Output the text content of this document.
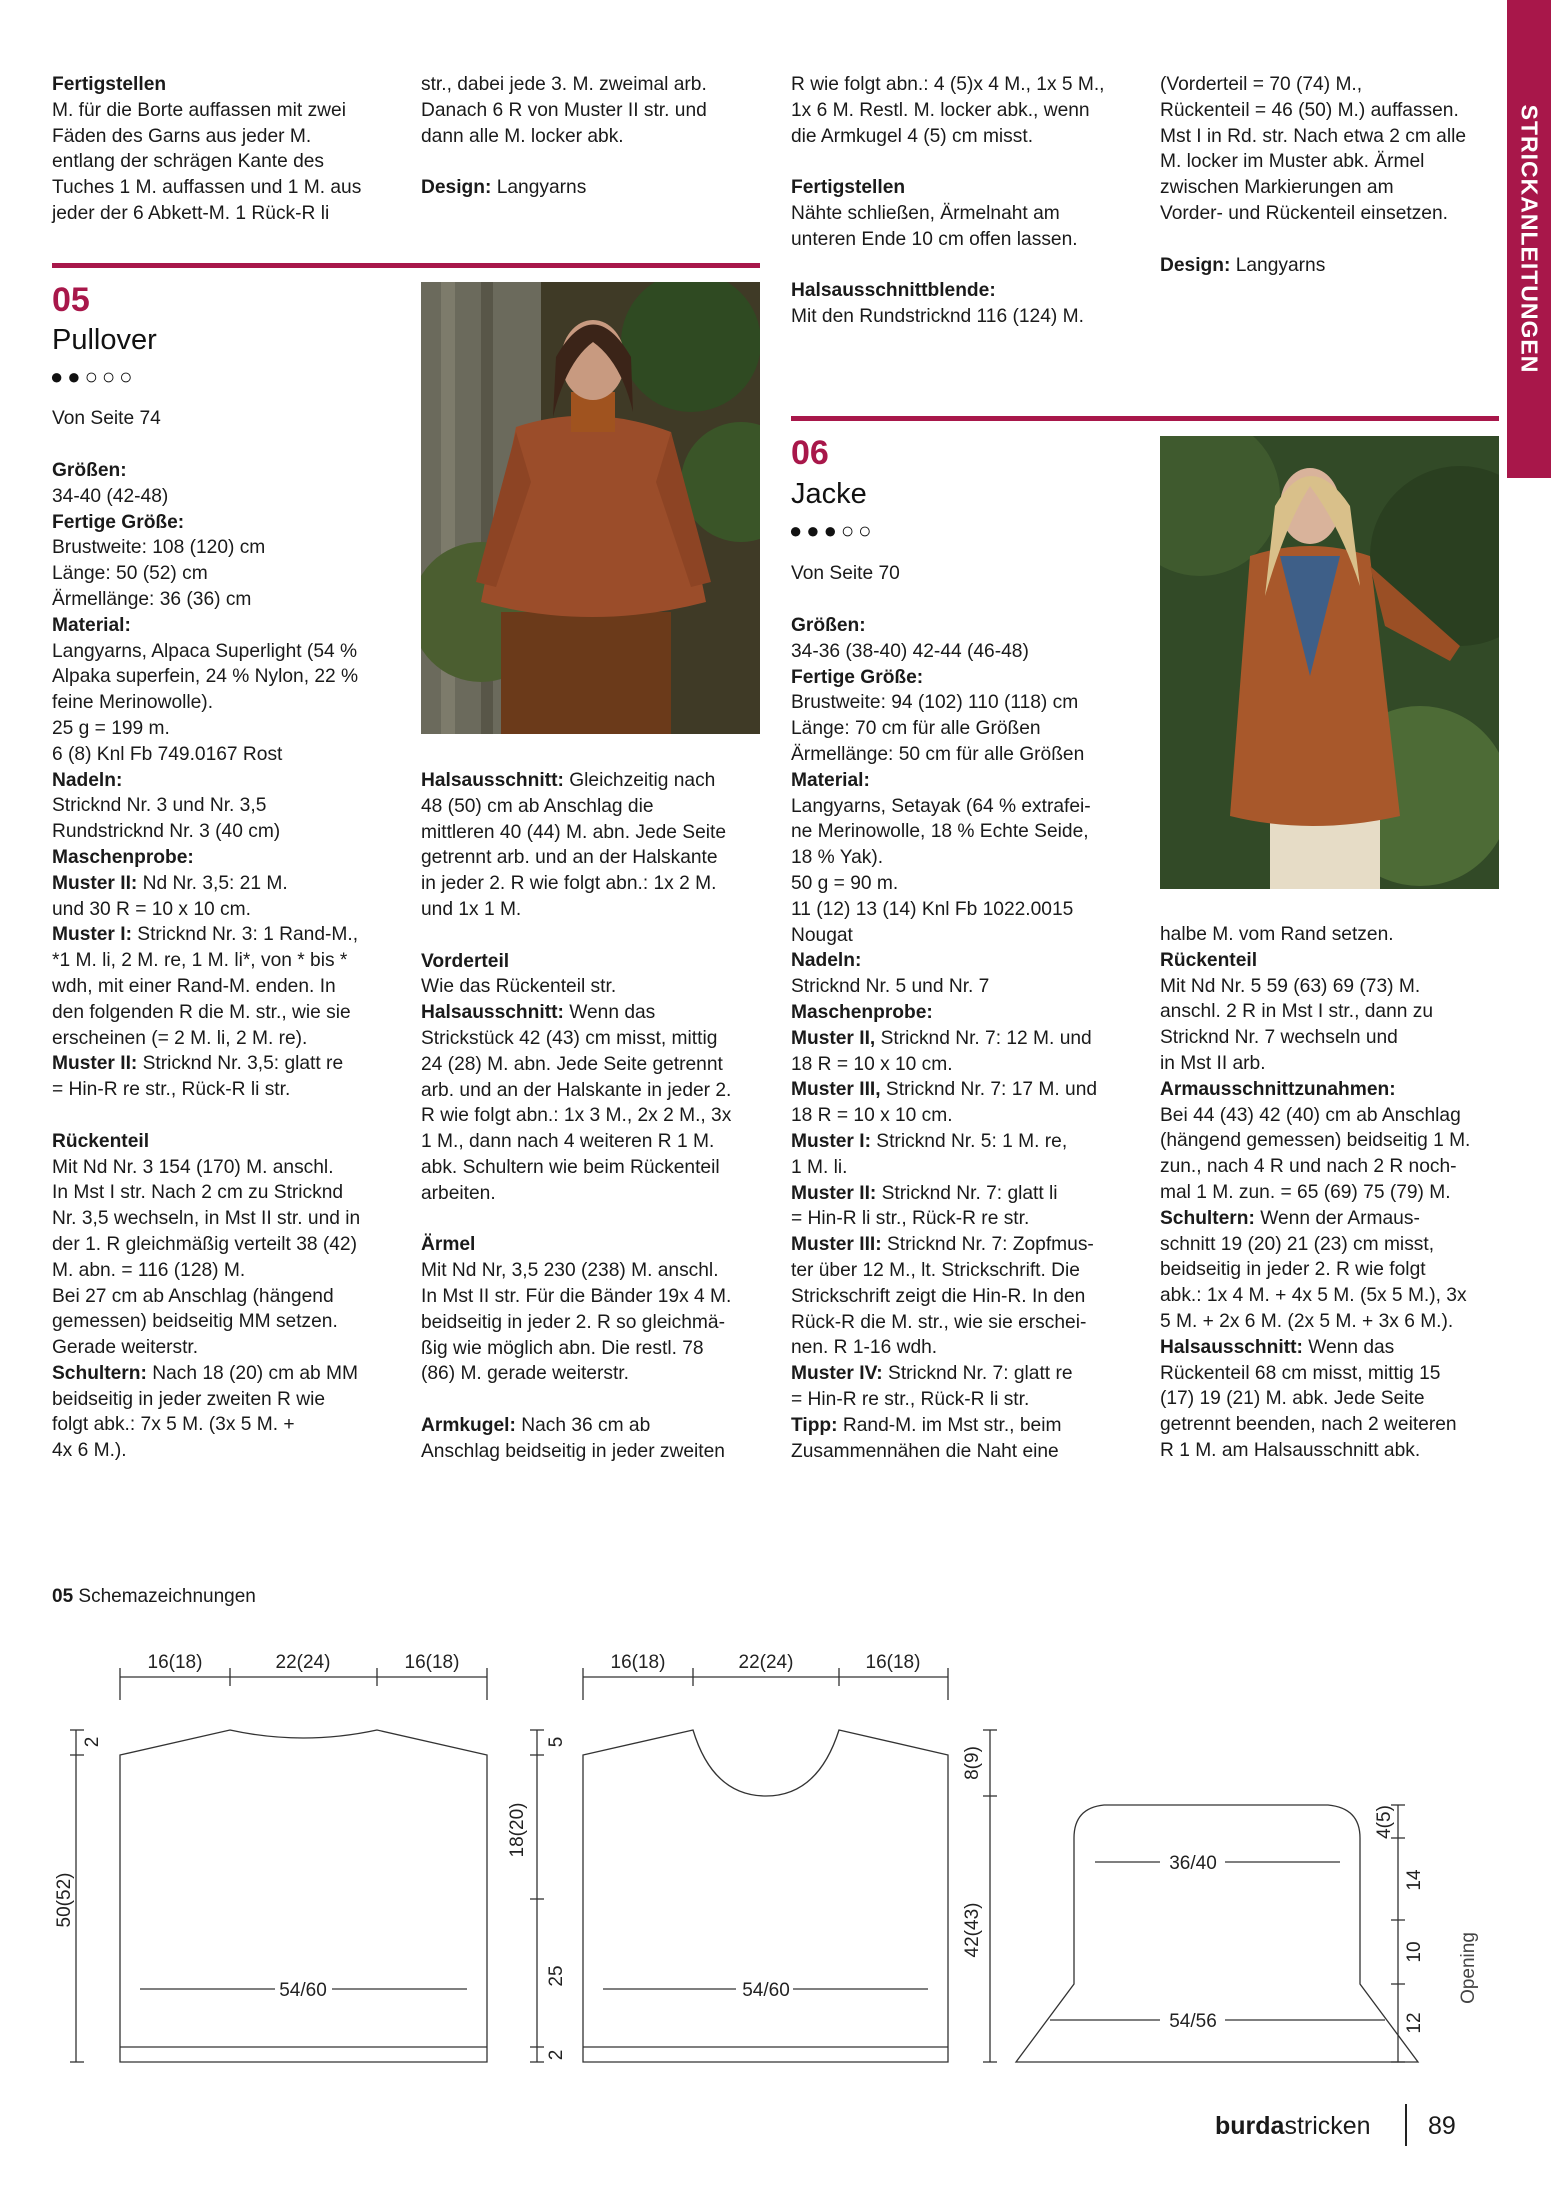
STRICKANLEITUNGEN

Fertigstellen

M. für die Borte auffassen mit zwei

Fäden des Garns aus jeder M.

entlang der schrägen Kante des

Tuches 1 M. auffassen und 1 M. aus

jeder der 6 Abkett-M. 1 Rück-R li

05
Pullover
●●○○○

Von Seite 74

Größen:

34-40 (42-48)

Fertige Größe:

Brustweite: 108 (120) cm

Länge: 50 (52) cm

Ärmellänge: 36 (36) cm

Material:

Langyarns, Alpaca Superlight (54 %

Alpaka superfein, 24 % Nylon, 22 %

feine Merinowolle).

25 g = 199 m.

6 (8) Knl Fb 749.0167 Rost

Nadeln:

Stricknd Nr. 3 und Nr. 3,5

Rundstricknd Nr. 3 (40 cm)

Maschenprobe:

Muster II: Nd Nr. 3,5: 21 M.

und 30 R = 10 x 10 cm.

Muster I: Strickn​d Nr. 3: 1 Rand-M.,

*1 M. li, 2 M. re, 1 M. li*, von * bis *

wdh, mit einer Rand-M. enden. In

den folgenden R die M. str., wie sie

erscheinen (= 2 M. li, 2 M. re).

Muster II: Strickn​d Nr. 3,5: glatt re

= Hin-R re str., Rück-R li str.

Rückenteil

Mit Nd Nr. 3 154 (170) M. anschl.

In Mst I str. Nach 2 cm zu Strickn​d

Nr. 3,5 wechseln, in Mst II str. und in

der 1. R gleichmäßig verteilt 38 (42)

M. abn. = 116 (128) M.

Bei 27 cm ab Anschlag (hängend

gemessen) beidseitig MM setzen.

Gerade weiterstr.

Schultern: Nach 18 (20) cm ab MM

beidseitig in jeder zweiten R wie

folgt abk.: 7x 5 M. (3x 5 M. +

4x 6 M.).

str., dabei jede 3. M. zweimal arb.

Danach 6 R von Muster II str. und

dann alle M. locker abk.

Design: Langyarns

Halsausschnitt: Gleichzeitig nach

48 (50) cm ab Anschlag die

mittleren 40 (44) M. abn. Jede Seite

getrennt arb. und an der Halskante

in jeder 2. R wie folgt abn.: 1x 2 M.

und 1x 1 M.

Vorderteil

Wie das Rückenteil str.

Halsausschnitt: Wenn das

Strickstück 42 (43) cm misst, mittig

24 (28) M. abn. Jede Seite getrennt

arb. und an der Halskante in jeder 2.

R wie folgt abn.: 1x 3 M., 2x 2 M., 3x

1 M., dann nach 4 weiteren R 1 M.

abk. Schultern wie beim Rückenteil

arbeiten.

Ärmel

Mit Nd Nr, 3,5 230 (238) M. anschl.

In Mst II str. Für die Bänder 19x 4 M.

beidseitig in jeder 2. R so gleichmä-

ßig wie möglich abn. Die restl. 78

(86) M. gerade weiterstr.

Armkugel: Nach 36 cm ab

Anschlag beidseitig in jeder zweiten

R wie folgt abn.: 4 (5)x 4 M., 1x 5 M.,

1x 6 M. Restl. M. locker abk., wenn

die Armkugel 4 (5) cm misst.

Fertigstellen

Nähte schließen, Ärmelnaht am

unteren Ende 10 cm offen lassen.

Halsausschnittblende:

Mit den Rundstricknd 116 (124) M.

06
Jacke
●●●○○

Von Seite 70

Größen:

34-36 (38-40) 42-44 (46-48)

Fertige Größe:

Brustweite: 94 (102) 110 (118) cm

Länge: 70 cm für alle Größen

Ärmellänge: 50 cm für alle Größen

Material:

Langyarns, Setayak (64 % extrafei-

ne Merinowolle, 18 % Echte Seide,

18 % Yak).

50 g = 90 m.

11 (12) 13 (14) Knl Fb 1022.0015

Nougat

Nadeln:

Strickn​d Nr. 5 und Nr. 7

Maschenprobe:

Muster II, Strickn​d Nr. 7: 12 M. und

18 R = 10 x 10 cm.

Muster III, Strickn​d Nr. 7: 17 M. und

18 R = 10 x 10 cm.

Muster I: Strickn​d Nr. 5: 1 M. re,

1 M. li.

Muster II: Strickn​d Nr. 7: glatt li

= Hin-R li str., Rück-R re str.

Muster III: Strickn​d Nr. 7: Zopfmus-

ter über 12 M., lt. Strickschrift. Die

Strickschrift zeigt die Hin-R. In den

Rück-R die M. str., wie sie erschei-

nen. R 1-16 wdh.

Muster IV: Strickn​d Nr. 7: glatt re

= Hin-R re str., Rück-R li str.

Tipp: Rand-M. im Mst str., beim

Zusammennähen die Naht eine

(Vorderteil = 70 (74) M.,

Rückenteil = 46 (50) M.) auffassen.

Mst I in Rd. str. Nach etwa 2 cm alle

M. locker im Muster abk. Ärmel

zwischen Markierungen am

Vorder- und Rückenteil einsetzen.

Design: Langyarns

halbe M. vom Rand setzen.

Rückenteil

Mit Nd Nr. 5 59 (63) 69 (73) M.

anschl. 2 R in Mst I str., dann zu

Strickn​d Nr. 7 wechseln und

in Mst II arb.

Armausschnittzunahmen:

Bei 44 (43) 42 (40) cm ab Anschlag

(hängend gemessen) beidseitig 1 M.

zun., nach 4 R und nach 2 R noch-

mal 1 M. zun. = 65 (69) 75 (79) M.

Schultern: Wenn der Armaus-

schnitt 19 (20) 21 (23) cm misst,

beidseitig in jeder 2. R wie folgt

abk.: 1x 4 M. + 4x 5 M. (5x 5 M.), 3x

5 M. + 2x 6 M. (2x 5 M. + 3x 6 M.).

Halsausschnitt: Wenn das

Rückenteil 68 cm misst, mittig 15

(17) 19 (21) M. abk. Jede Seite

getrennt beenden, nach 2 weiteren

R 1 M. am Halsausschnitt abk.

05 Schemazeichnungen
16(18)	22(24)	16(18)
54/60
2
50(52)
16(18)	22(24)	16(18)
54/60
5
18(20)
25
2
8(9)
42(43)
36/40
54/56
4(5)
14
10
12
Opening
burdastricken 89
